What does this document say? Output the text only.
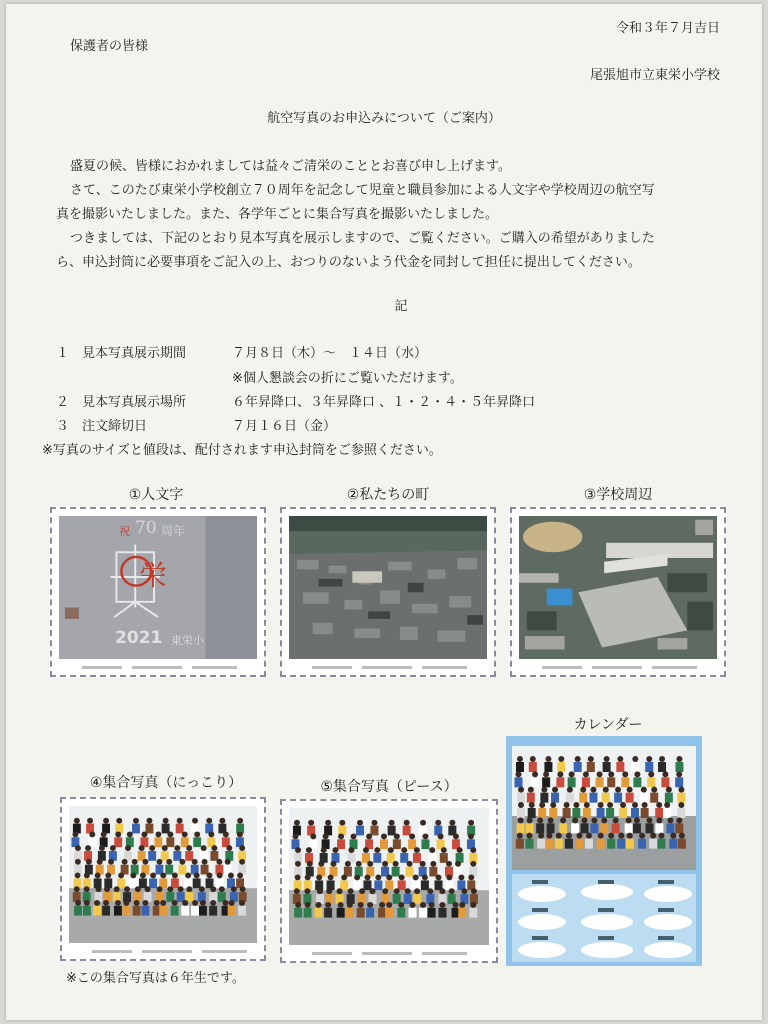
令和３年７月吉日
保護者の皆様
尾張旭市立東栄小学校
航空写真のお申込みについて（ご案内）
盛夏の候、皆様におかれましては益々ご清栄のこととお喜び申し上げます。
さて、このたび東栄小学校創立７０周年を記念して児童と職員参加による人文字や学校周辺の航空写
真を撮影いたしました。また、各学年ごとに集合写真を撮影いたしました。
つきましては、下記のとおり見本写真を展示しますので、ご覧ください。ご購入の希望がありました
ら、申込封筒に必要事項をご記入の上、おつりのないよう代金を同封して担任に提出してください。
記
１ 見本写真展示期間	７月８日（木）～　１４日（水）
※個人懇談会の折にご覧いただけます。
２ 見本写真展示場所	６年昇降口、３年昇降口 、１・２・４・５年昇降口
３ 注文締切日	７月１６日（金）
※写真のサイズと値段は、配付されます申込封筒をご参照ください。
①人文字
祝 70 周年
栄
2021 東栄小
②私たちの町	③学校周辺
カレンダー
④集合写真（にっこり）	⑤集合写真（ピース）
※この集合写真は６年生です。
